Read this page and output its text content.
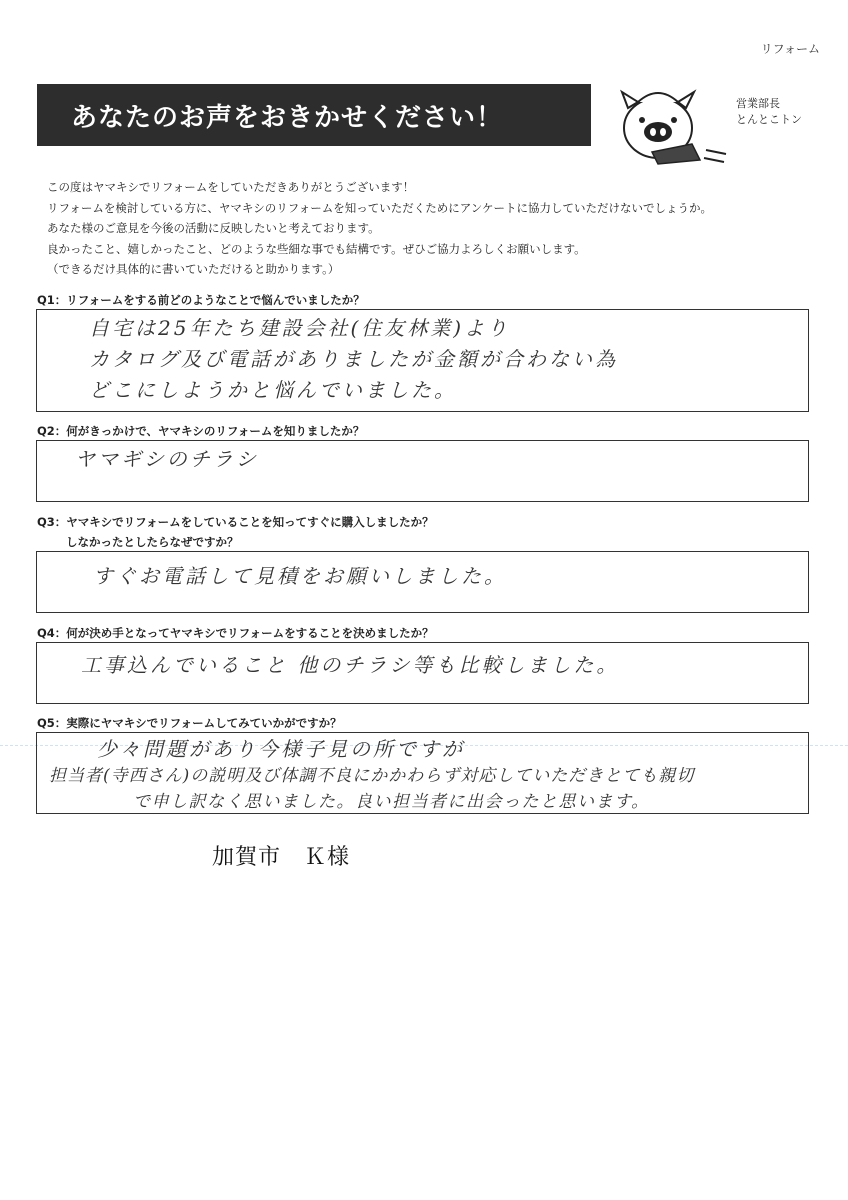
リフォーム
あなたのお声をおきかせください！	営業部長
とんとこトン

この度はヤマキシでリフォームをしていただきありがとうございます！

リフォームを検討している方に、ヤマキシのリフォームを知っていただくためにアンケートに協力していただけないでしょうか。

あなた様のご意見を今後の活動に反映したいと考えております。

良かったこと、嬉しかったこと、どのような些細な事でも結構です。ぜひご協力よろしくお願いします。

（できるだけ具体的に書いていただけると助かります。）

Q1：リフォームをする前どのようなことで悩んでいましたか？
自宅は25年たち建設会社(住友林業)より
カタログ及び電話がありましたが金額が合わない為
どこにしようかと悩んでいました。
Q2：何がきっかけで、ヤマキシのリフォームを知りましたか？
ヤマギシのチラシ
Q3：ヤマキシでリフォームをしていることを知ってすぐに購入しましたか？
しなかったとしたらなぜですか？
すぐお電話して見積をお願いしました。
Q4：何が決め手となってヤマキシでリフォームをすることを決めましたか？
工事込んでいること 他のチラシ等も比較しました。
Q5：実際にヤマキシでリフォームしてみていかがですか？
少々問題があり今様子見の所ですが
担当者(寺西さん)の説明及び体調不良にかかわらず対応していただきとても親切
で申し訳なく思いました。良い担当者に出会ったと思います。
加賀市　Ｋ様
